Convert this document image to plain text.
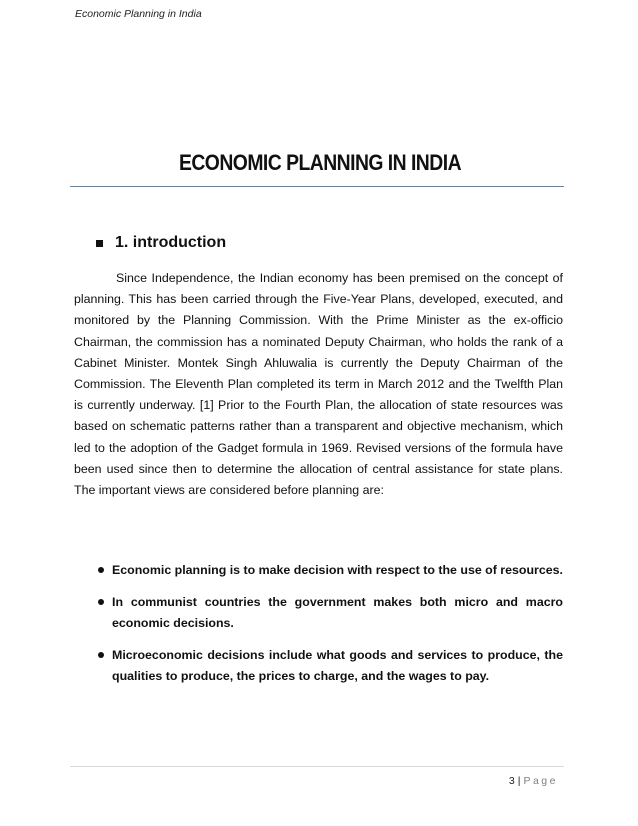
Economic Planning in India
ECONOMIC PLANNING IN INDIA
1. introduction

Since Independence, the Indian economy has been premised on the concept of planning. This has been carried through the Five-Year Plans, developed, executed, and monitored by the Planning Commission. With the Prime Minister as the ex-officio Chairman, the commission has a nominated Deputy Chairman, who holds the rank of a Cabinet Minister. Montek Singh Ahluwalia is currently the Deputy Chairman of the Commission. The Eleventh Plan completed its term in March 2012 and the Twelfth Plan is currently underway. [1] Prior to the Fourth Plan, the allocation of state resources was based on schematic patterns rather than a transparent and objective mechanism, which led to the adoption of the Gadget formula in 1969. Revised versions of the formula have been used since then to determine the allocation of central assistance for state plans. The important views are considered before planning are:

Economic planning is to make decision with respect to the use of resources.
In communist countries the government makes both micro and macro economic decisions.
Microeconomic decisions include what goods and services to produce, the qualities to produce, the prices to charge, and the wages to pay.
3 | Page
